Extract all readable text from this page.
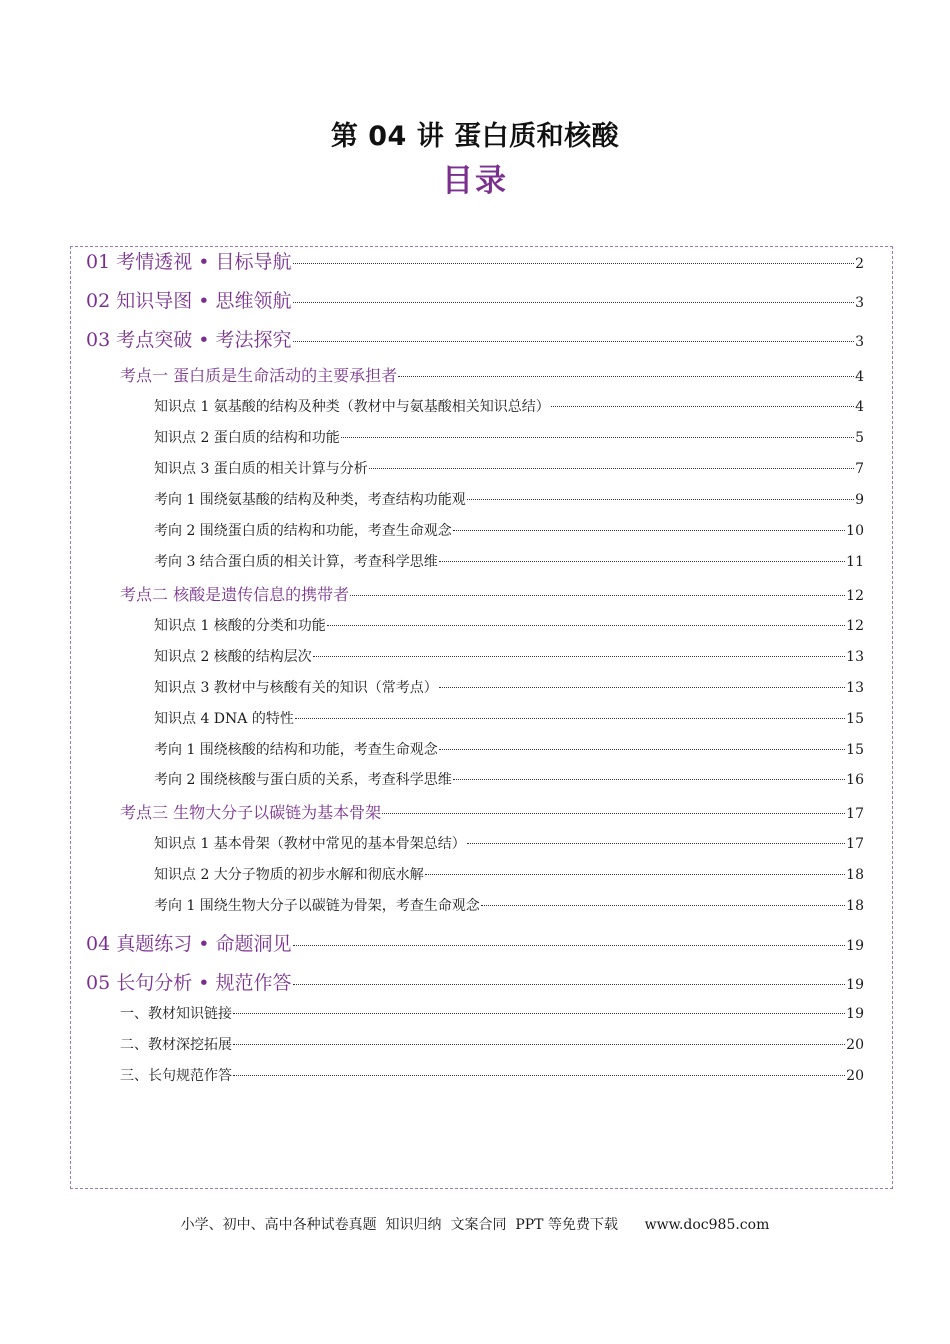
第 04 讲 蛋白质和核酸
目录
01 考情透视 • 目标导航	2
02 知识导图 • 思维领航	3
03 考点突破 • 考法探究	3
考点一 蛋白质是生命活动的主要承担者	4
知识点 1 氨基酸的结构及种类（教材中与氨基酸相关知识总结）	4
知识点 2 蛋白质的结构和功能	5
知识点 3 蛋白质的相关计算与分析	7
考向 1 围绕氨基酸的结构及种类，考查结构功能观	9
考向 2 围绕蛋白质的结构和功能，考查生命观念	10
考向 3 结合蛋白质的相关计算，考查科学思维	11
考点二 核酸是遗传信息的携带者	12
知识点 1 核酸的分类和功能	12
知识点 2 核酸的结构层次	13
知识点 3 教材中与核酸有关的知识（常考点）	13
知识点 4 DNA 的特性	15
考向 1 围绕核酸的结构和功能，考查生命观念	15
考向 2 围绕核酸与蛋白质的关系，考查科学思维	16
考点三 生物大分子以碳链为基本骨架	17
知识点 1 基本骨架（教材中常见的基本骨架总结）	17
知识点 2 大分子物质的初步水解和彻底水解	18
考向 1 围绕生物大分子以碳链为骨架，考查生命观念	18
04 真题练习 • 命题洞见	19
05 长句分析 • 规范作答	19
一、教材知识链接	19
二、教材深挖拓展	20
三、长句规范作答	20
小学、初中、高中各种试卷真题  知识归纳  文案合同  PPT 等免费下载      www.doc985.com
